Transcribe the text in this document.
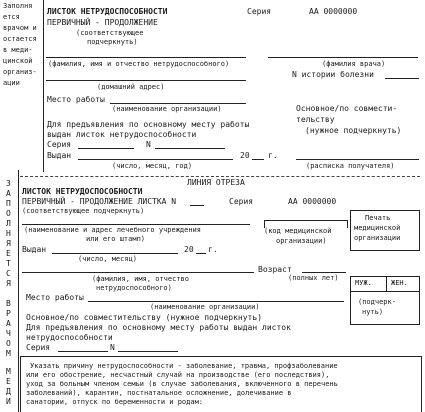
Заполня
ется
врачом и
остается
в меди-
цинской
организ-
ации
З
А
П
О
Л
Н
Я
Е
Т
С
Я
В
Р
А
Ч
О
М
М
Е
Д
И
ЛИСТОК НЕТРУДОСПОСОБНОСТИ	Серия	АА 0000000
ПЕРВИЧНЫЙ - ПРОДОЛЖЕНИЕ
(соответствующее
подчеркнуть)
(фамилия, имя и отчество нетрудоспособного)	(фамилия врача)
N истории болезни
(домашний адрес)
Место работы
(наименование организации)	Основное/по совмести-
тельству
(нужное подчеркнуть)
Для предъявления по основному месту работы
выдан листок нетрудоспособности
Серия	N
Выдан	20 г.
(число, месяц, год)	(расписка получателя)
ЛИНИЯ ОТРЕЗА
ЛИСТОК НЕТРУДОСПОСОБНОСТИ
ПЕРВИЧНЫЙ - ПРОДОЛЖЕНИЕ ЛИСТКА N	Серия	АА 0000000
(соответствующее подчеркнуть)
Печать
медицинской
организации
(наименование и адрес лечебного учреждения
или его штамп)
(код медицинской
организации)
Выдан	20 г.
(число, месяц)
Возраст
(полных лет)
(фамилия, имя, отчество
нетрудоспособного)
МУЖ.	ЖЕН.
(подчерк-
нуть)
Место работы
(наименование организации)
Основное/по совместительству (нужное подчеркнуть)
Для предъявления по основному месту работы выдан листок
нетрудоспособности
Серия	N
Указать причину нетрудоспособности - заболевание, травма, профзаболевание
или его обострение, несчастный случай на производстве (его последствия),
уход за больным членом семьи (в случае заболевания, включенного в перечень
заболеваний), карантин, постнатальное осложнение, долечивание в
санатории, отпуск по беременности и родам:
